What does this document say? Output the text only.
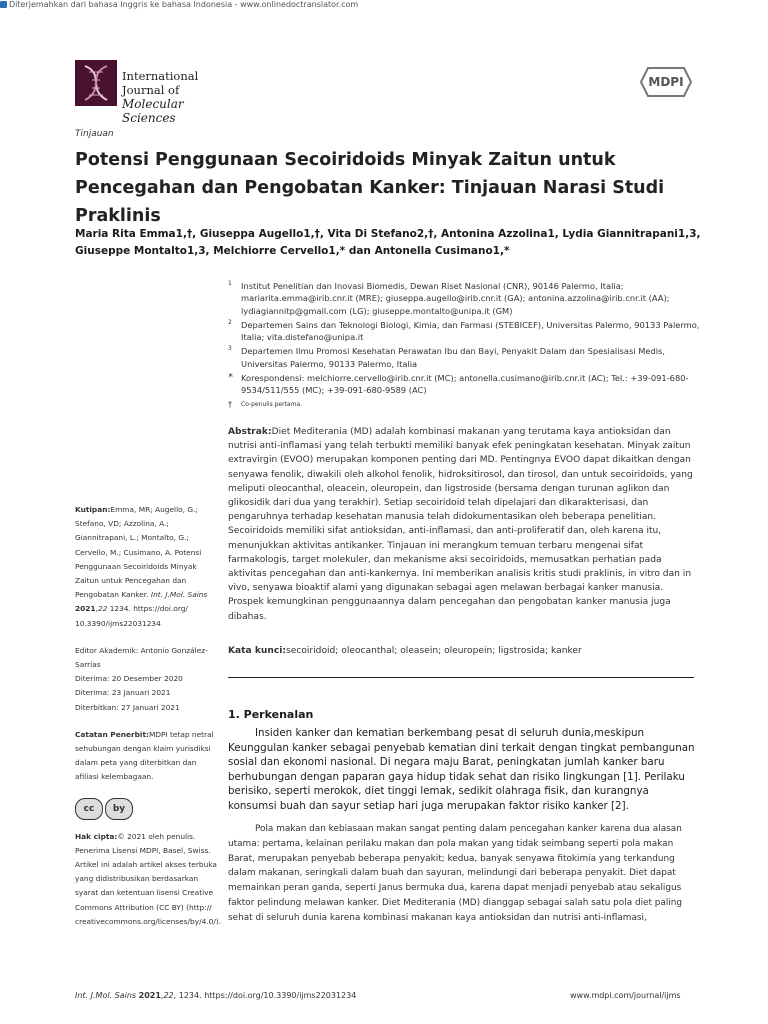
Diterjemahkan dari bahasa Inggris ke bahasa Indonesia - www.onlinedoctranslator.com
International Journal of
Molecular Sciences
MDPI
Tinjauan
Potensi Penggunaan Secoiridoids Minyak Zaitun untuk Pencegahan dan Pengobatan Kanker: Tinjauan Narasi Studi Praklinis
Maria Rita Emma1,†, Giuseppa Augello1,†, Vita Di Stefano2,†, Antonina Azzolina1, Lydia Giannitrapani1,3,
Giuseppe Montalto1,3, Melchiorre Cervello1,* dan Antonella Cusimano1,*
1 Institut Penelitian dan Inovasi Biomedis, Dewan Riset Nasional (CNR), 90146 Palermo, Italia; mariarita.emma@irib.cnr.it (MRE); giuseppa.augello@irib.cnr.it (GA); antonina.azzolina@irib.cnr.it (AA); lydiagiannitp@gmail.com (LG); giuseppe.montalto@unipa.it (GM)
2 Departemen Sains dan Teknologi Biologi, Kimia, dan Farmasi (STEBICEF), Universitas Palermo, 90133 Palermo, Italia; vita.distefano@unipa.it
3 Departemen Ilmu Promosi Kesehatan Perawatan Ibu dan Bayi, Penyakit Dalam dan Spesialisasi Medis, Universitas Palermo, 90133 Palermo, Italia
* Korespondensi: melchiorre.cervello@irib.cnr.it (MC); antonella.cusimano@irib.cnr.it (AC); Tel.: +39-091-680-9534/511/555 (MC); +39-091-680-9589 (AC)
† Co-penulis pertama.
Kutipan:Emma, MR; Augello, G.; Stefano, VD; Azzolina, A.; Giannitrapani, L.; Montalto, G.; Cervello, M.; Cusimano, A. Potensi Penggunaan Secoiridoids Minyak Zaitun untuk Pencegahan dan Pengobatan Kanker. Int. J.Mol. Sains 2021,22 1234. https://doi.org/ 10.3390/ijms22031234
Editor Akademik: Antonio González-Sarrías
Diterima: 20 Desember 2020
Diterima: 23 Januari 2021
Diterbitkan: 27 Januari 2021
Catatan Penerbit:MDPI tetap netral sehubungan dengan klaim yurisdiksi dalam peta yang diterbitkan dan afiliasi kelembagaan.
cc	by
Hak cipta:© 2021 oleh penulis. Penerima Lisensi MDPI, Basel, Swiss. Artikel ini adalah artikel akses terbuka yang didistribusikan berdasarkan syarat dan ketentuan lisensi Creative Commons Attribution (CC BY) (http:// creativecommons.org/licenses/by/4.0/).
Abstrak:Diet Mediterania (MD) adalah kombinasi makanan yang terutama kaya antioksidan dan nutrisi anti-inflamasi yang telah terbukti memiliki banyak efek peningkatan kesehatan. Minyak zaitun extravirgin (EVOO) merupakan komponen penting dari MD. Pentingnya EVOO dapat dikaitkan dengan senyawa fenolik, diwakili oleh alkohol fenolik, hidroksitirosol, dan tirosol, dan untuk secoiridoids, yang meliputi oleocanthal, oleacein, oleuropein, dan ligstroside (bersama dengan turunan aglikon dan glikosidik dari dua yang terakhir). Setiap secoiridoid telah dipelajari dan dikarakterisasi, dan pengaruhnya terhadap kesehatan manusia telah didokumentasikan oleh beberapa penelitian. Secoiridoids memiliki sifat antioksidan, anti-inflamasi, dan anti-proliferatif dan, oleh karena itu, menunjukkan aktivitas antikanker. Tinjauan ini merangkum temuan terbaru mengenai sifat farmakologis, target molekuler, dan mekanisme aksi secoiridoids, memusatkan perhatian pada aktivitas pencegahan dan anti-kankernya. Ini memberikan analisis kritis studi praklinis, in vitro dan in vivo, senyawa bioaktif alami yang digunakan sebagai agen melawan berbagai kanker manusia. Prospek kemungkinan penggunaannya dalam pencegahan dan pengobatan kanker manusia juga dibahas.
Kata kunci:secoiridoid; oleocanthal; oleasein; oleuropein; ligstrosida; kanker
1. Perkenalan

Insiden kanker dan kematian berkembang pesat di seluruh dunia,meskipun Keunggulan kanker sebagai penyebab kematian dini terkait dengan tingkat pembangunan sosial dan ekonomi nasional. Di negara maju Barat, peningkatan jumlah kanker baru berhubungan dengan paparan gaya hidup tidak sehat dan risiko lingkungan [1]. Perilaku berisiko, seperti merokok, diet tinggi lemak, sedikit olahraga fisik, dan kurangnya konsumsi buah dan sayur setiap hari juga merupakan faktor risiko kanker [2].

Pola makan dan kebiasaan makan sangat penting dalam pencegahan kanker karena dua alasan utama: pertama, kelainan perilaku makan dan pola makan yang tidak seimbang seperti pola makan Barat, merupakan penyebab beberapa penyakit; kedua, banyak senyawa fitokimia yang terkandung dalam makanan, seringkali dalam buah dan sayuran, melindungi dari beberapa penyakit. Diet dapat memainkan peran ganda, seperti Janus bermuka dua, karena dapat menjadi penyebab atau sekaligus faktor pelindung melawan kanker. Diet Mediterania (MD) dianggap sebagai salah satu pola diet paling sehat di seluruh dunia karena kombinasi makanan kaya antioksidan dan nutrisi anti-inflamasi,

Int. J.Mol. Sains 2021,22, 1234. https://doi.org/10.3390/ijms22031234	www.mdpi.com/journal/ijms
